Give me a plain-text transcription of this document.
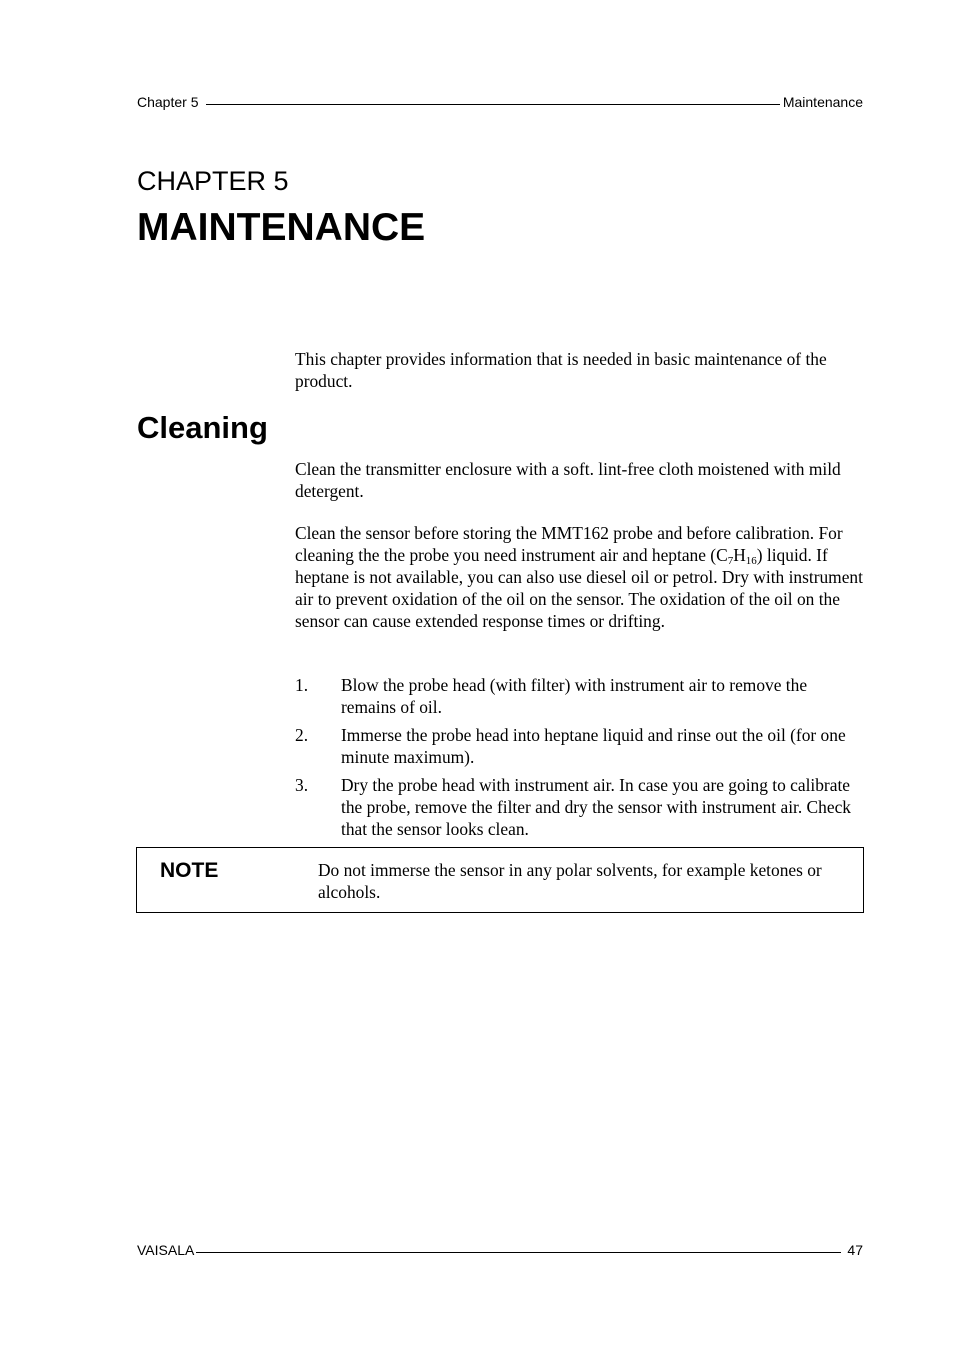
Chapter 5	Maintenance
CHAPTER 5
MAINTENANCE

This chapter provides information that is needed in basic maintenance of the product.

Cleaning

Clean the transmitter enclosure with a soft. lint-free cloth moistened with mild detergent.

Clean the sensor before storing the MMT162 probe and before calibration. For cleaning the the probe you need instrument air and heptane $(C_7H_{16})$ liquid. If heptane is not available, you can also use diesel oil or petrol. Dry with instrument air to prevent oxidation of the oil on the sensor. The oxidation of the oil on the sensor can cause extended response times or drifting.

1.	Blow the probe head (with filter) with instrument air to remove the remains of oil.
2.	Immerse the probe head into heptane liquid and rinse out the oil (for one minute maximum).
3.	Dry the probe head with instrument air. In case you are going to calibrate the probe, remove the filter and dry the sensor with instrument air. Check that the sensor looks clean.
NOTE	Do not immerse the sensor in any polar solvents, for example ketones or alcohols.
VAISALA	47
